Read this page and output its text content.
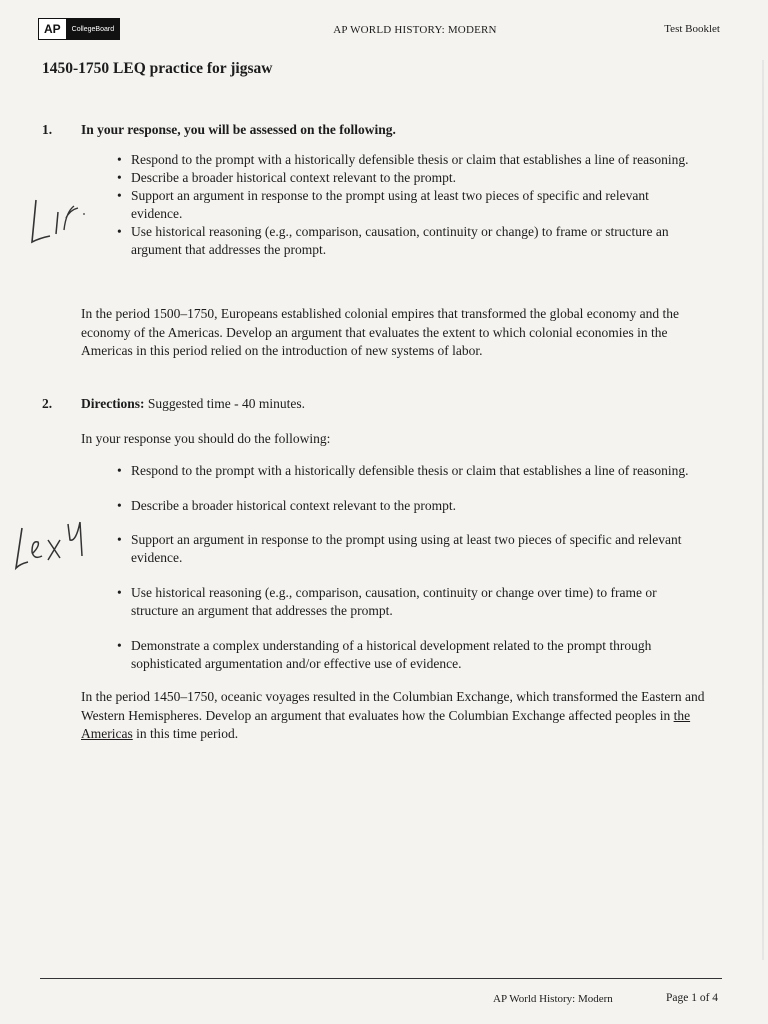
AP	CollegeBoard	AP WORLD HISTORY: MODERN	Test Booklet
1450-1750 LEQ practice for jigsaw
1. In your response, you will be assessed on the following.
• Respond to the prompt with a historically defensible thesis or claim that establishes a line of reasoning.
• Describe a broader historical context relevant to the prompt.
• Support an argument in response to the prompt using at least two pieces of specific and relevant evidence.
• Use historical reasoning (e.g., comparison, causation, continuity or change) to frame or structure an argument that addresses the prompt.
In the period 1500–1750, Europeans established colonial empires that transformed the global economy and the economy of the Americas. Develop an argument that evaluates the extent to which colonial economies in the Americas in this period relied on the introduction of new systems of labor.
2. Directions: Suggested time - 40 minutes.
In your response you should do the following:
• Respond to the prompt with a historically defensible thesis or claim that establishes a line of reasoning.
• Describe a broader historical context relevant to the prompt.
• Support an argument in response to the prompt using using at least two pieces of specific and relevant evidence.
• Use historical reasoning (e.g., comparison, causation, continuity or change over time) to frame or structure an argument that addresses the prompt.
• Demonstrate a complex understanding of a historical development related to the prompt through sophisticated argumentation and/or effective use of evidence.
In the period 1450–1750, oceanic voyages resulted in the Columbian Exchange, which transformed the Eastern and Western Hemispheres. Develop an argument that evaluates how the Columbian Exchange affected peoples in the Americas in this time period.
AP World History: Modern	Page 1 of 4
